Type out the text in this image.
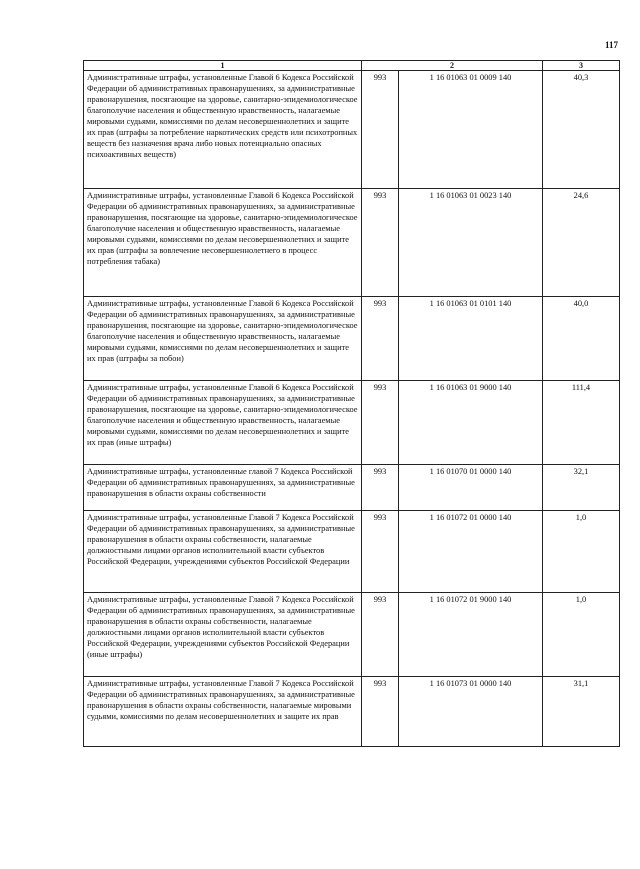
117
1	2		3
Административные штрафы, установленные Главой 6 Кодекса Российской Федерации об административных правонарушениях, за административные правонарушения, посягающие на здоровье, санитарно-эпидемиологическое благополучие населения и общественную нравственность, налагаемые мировыми судьями, комиссиями по делам несовершеннолетних и защите их прав (штрафы за потребление наркотических средств или психотропных веществ без назначения врача либо новых потенциально опасных психоактивных веществ)	993	1 16 01063 01 0009 140	40,3
Административные штрафы, установленные Главой 6 Кодекса Российской Федерации об административных правонарушениях, за административные правонарушения, посягающие на здоровье, санитарно-эпидемиологическое благополучие населения и общественную нравственность, налагаемые мировыми судьями, комиссиями по делам несовершеннолетних и защите их прав (штрафы за вовлечение несовершеннолетнего в процесс потребления табака)	993	1 16 01063 01 0023 140	24,6
Административные штрафы, установленные Главой 6 Кодекса Российской Федерации об административных правонарушениях, за административные правонарушения, посягающие на здоровье, санитарно-эпидемиологическое благополучие населения и общественную нравственность, налагаемые мировыми судьями, комиссиями по делам несовершеннолетних и защите их прав (штрафы за побои)	993	1 16 01063 01 0101 140	40,0
Административные штрафы, установленные Главой 6 Кодекса Российской Федерации об административных правонарушениях, за административные правонарушения, посягающие на здоровье, санитарно-эпидемиологическое благополучие населения и общественную нравственность, налагаемые мировыми судьями, комиссиями по делам несовершеннолетних и защите их прав (иные штрафы)	993	1 16 01063 01 9000 140	111,4
Административные штрафы, установленные главой 7 Кодекса Российской Федерации об административных правонарушениях, за административные правонарушения в области охраны собственности	993	1 16 01070 01 0000 140	32,1
Административные штрафы, установленные Главой 7 Кодекса Российской Федерации об административных правонарушениях, за административные правонарушения в области охраны собственности, налагаемые должностными лицами органов исполнительной власти субъектов Российской Федерации, учреждениями субъектов Российской Федерации	993	1 16 01072 01 0000 140	1,0
Административные штрафы, установленные Главой 7 Кодекса Российской Федерации об административных правонарушениях, за административные правонарушения в области охраны собственности, налагаемые должностными лицами органов исполнительной власти субъектов Российской Федерации, учреждениями субъектов Российской Федерации (иные штрафы)	993	1 16 01072 01 9000 140	1,0
Административные штрафы, установленные Главой 7 Кодекса Российской Федерации об административных правонарушениях, за административные правонарушения в области охраны собственности, налагаемые мировыми судьями, комиссиями по делам несовершеннолетних и защите их прав	993	1 16 01073 01 0000 140	31,1
